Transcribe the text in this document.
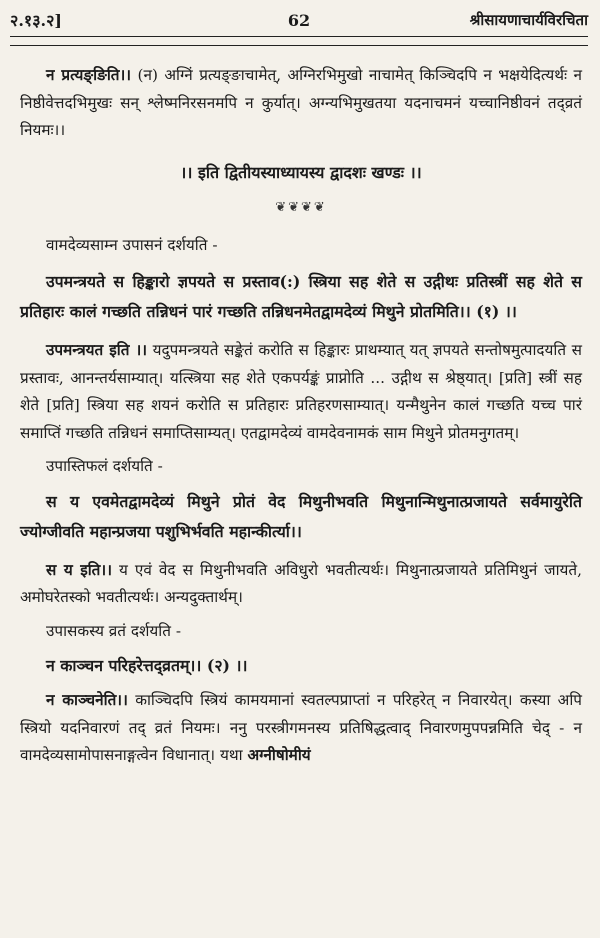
२.१३.२]	62	श्रीसायणाचार्यविरचिता

न प्रत्यङ्ङिति।। (न) अग्निं प्रत्यङ्ङाचामेत्, अग्निरभिमुखो नाचामेत् किञ्चिदपि न भक्षयेदित्यर्थः न निष्ठीवेत्तदभिमुखः सन् श्लेष्मनिरसनमपि न कुर्यात्। अग्न्यभिमुखतया यदनाचमनं यच्चानिष्ठीवनं तद्व्रतं नियमः।।

।। इति द्वितीयस्याध्यायस्य द्वादशः खण्डः ।।

❦❦❦❦

वामदेव्यसाम्न उपासनं दर्शयति -

उपमन्त्रयते स हिङ्कारो ज्ञपयते स प्रस्ताव(:) स्त्रिया सह शेते स उद्गीथः प्रतिस्त्रीं सह शेते स प्रतिहारः कालं गच्छति तन्निधनं पारं गच्छति तन्निधनमेतद्वामदेव्यं मिथुने प्रोतमिति।। (१) ।।

उपमन्त्रयत इति ।। यदुपमन्त्रयते सङ्केतं करोति स हिङ्कारः प्राथम्यात् यत् ज्ञपयते सन्तोषमुत्पादयति स प्रस्तावः, आनन्तर्यसाम्यात्। यत्स्त्रिया सह शेते एकपर्यङ्कं प्राप्नोति ... उद्गीथ स श्रेष्ठ्यात्। [प्रति] स्त्रीं सह शेते [प्रति] स्त्रिया सह शयनं करोति स प्रतिहारः प्रतिहरणसाम्यात्। यन्मैथुनेन कालं गच्छति यच्च पारं समाप्तिं गच्छति तन्निधनं समाप्तिसाम्यत्। एतद्वामदेव्यं वामदेवनामकं साम मिथुने प्रोतमनुगतम्।

उपास्तिफलं दर्शयति -

स य एवमेतद्वामदेव्यं मिथुने प्रोतं वेद मिथुनीभवति मिथुनान्मिथुनात्प्रजायते सर्वमायुरेति ज्योग्जीवति महान्प्रजया पशुभिर्भवति महान्कीर्त्या।।

स य इति।। य एवं वेद स मिथुनीभवति अविधुरो भवतीत्यर्थः। मिथुनात्प्रजायते प्रतिमिथुनं जायते, अमोघरेतस्को भवतीत्यर्थः। अन्यदुक्तार्थम्।

उपासकस्य व्रतं दर्शयति -

न काञ्चन परिहरेत्तद्व्रतम्।। (२) ।।

न काञ्चनेति।। काञ्चिदपि स्त्रियं कामयमानां स्वतल्पप्राप्तां न परिहरेत् न निवारयेत्। कस्या अपि स्त्रियो यदनिवारणं तद् व्रतं नियमः। ननु परस्त्रीगमनस्य प्रतिषिद्धत्वाद् निवारणमुपपन्नमिति चेद् - न वामदेव्यसामोपासनाङ्गत्वेन विधानात्। यथा अग्नीषोमीयं
